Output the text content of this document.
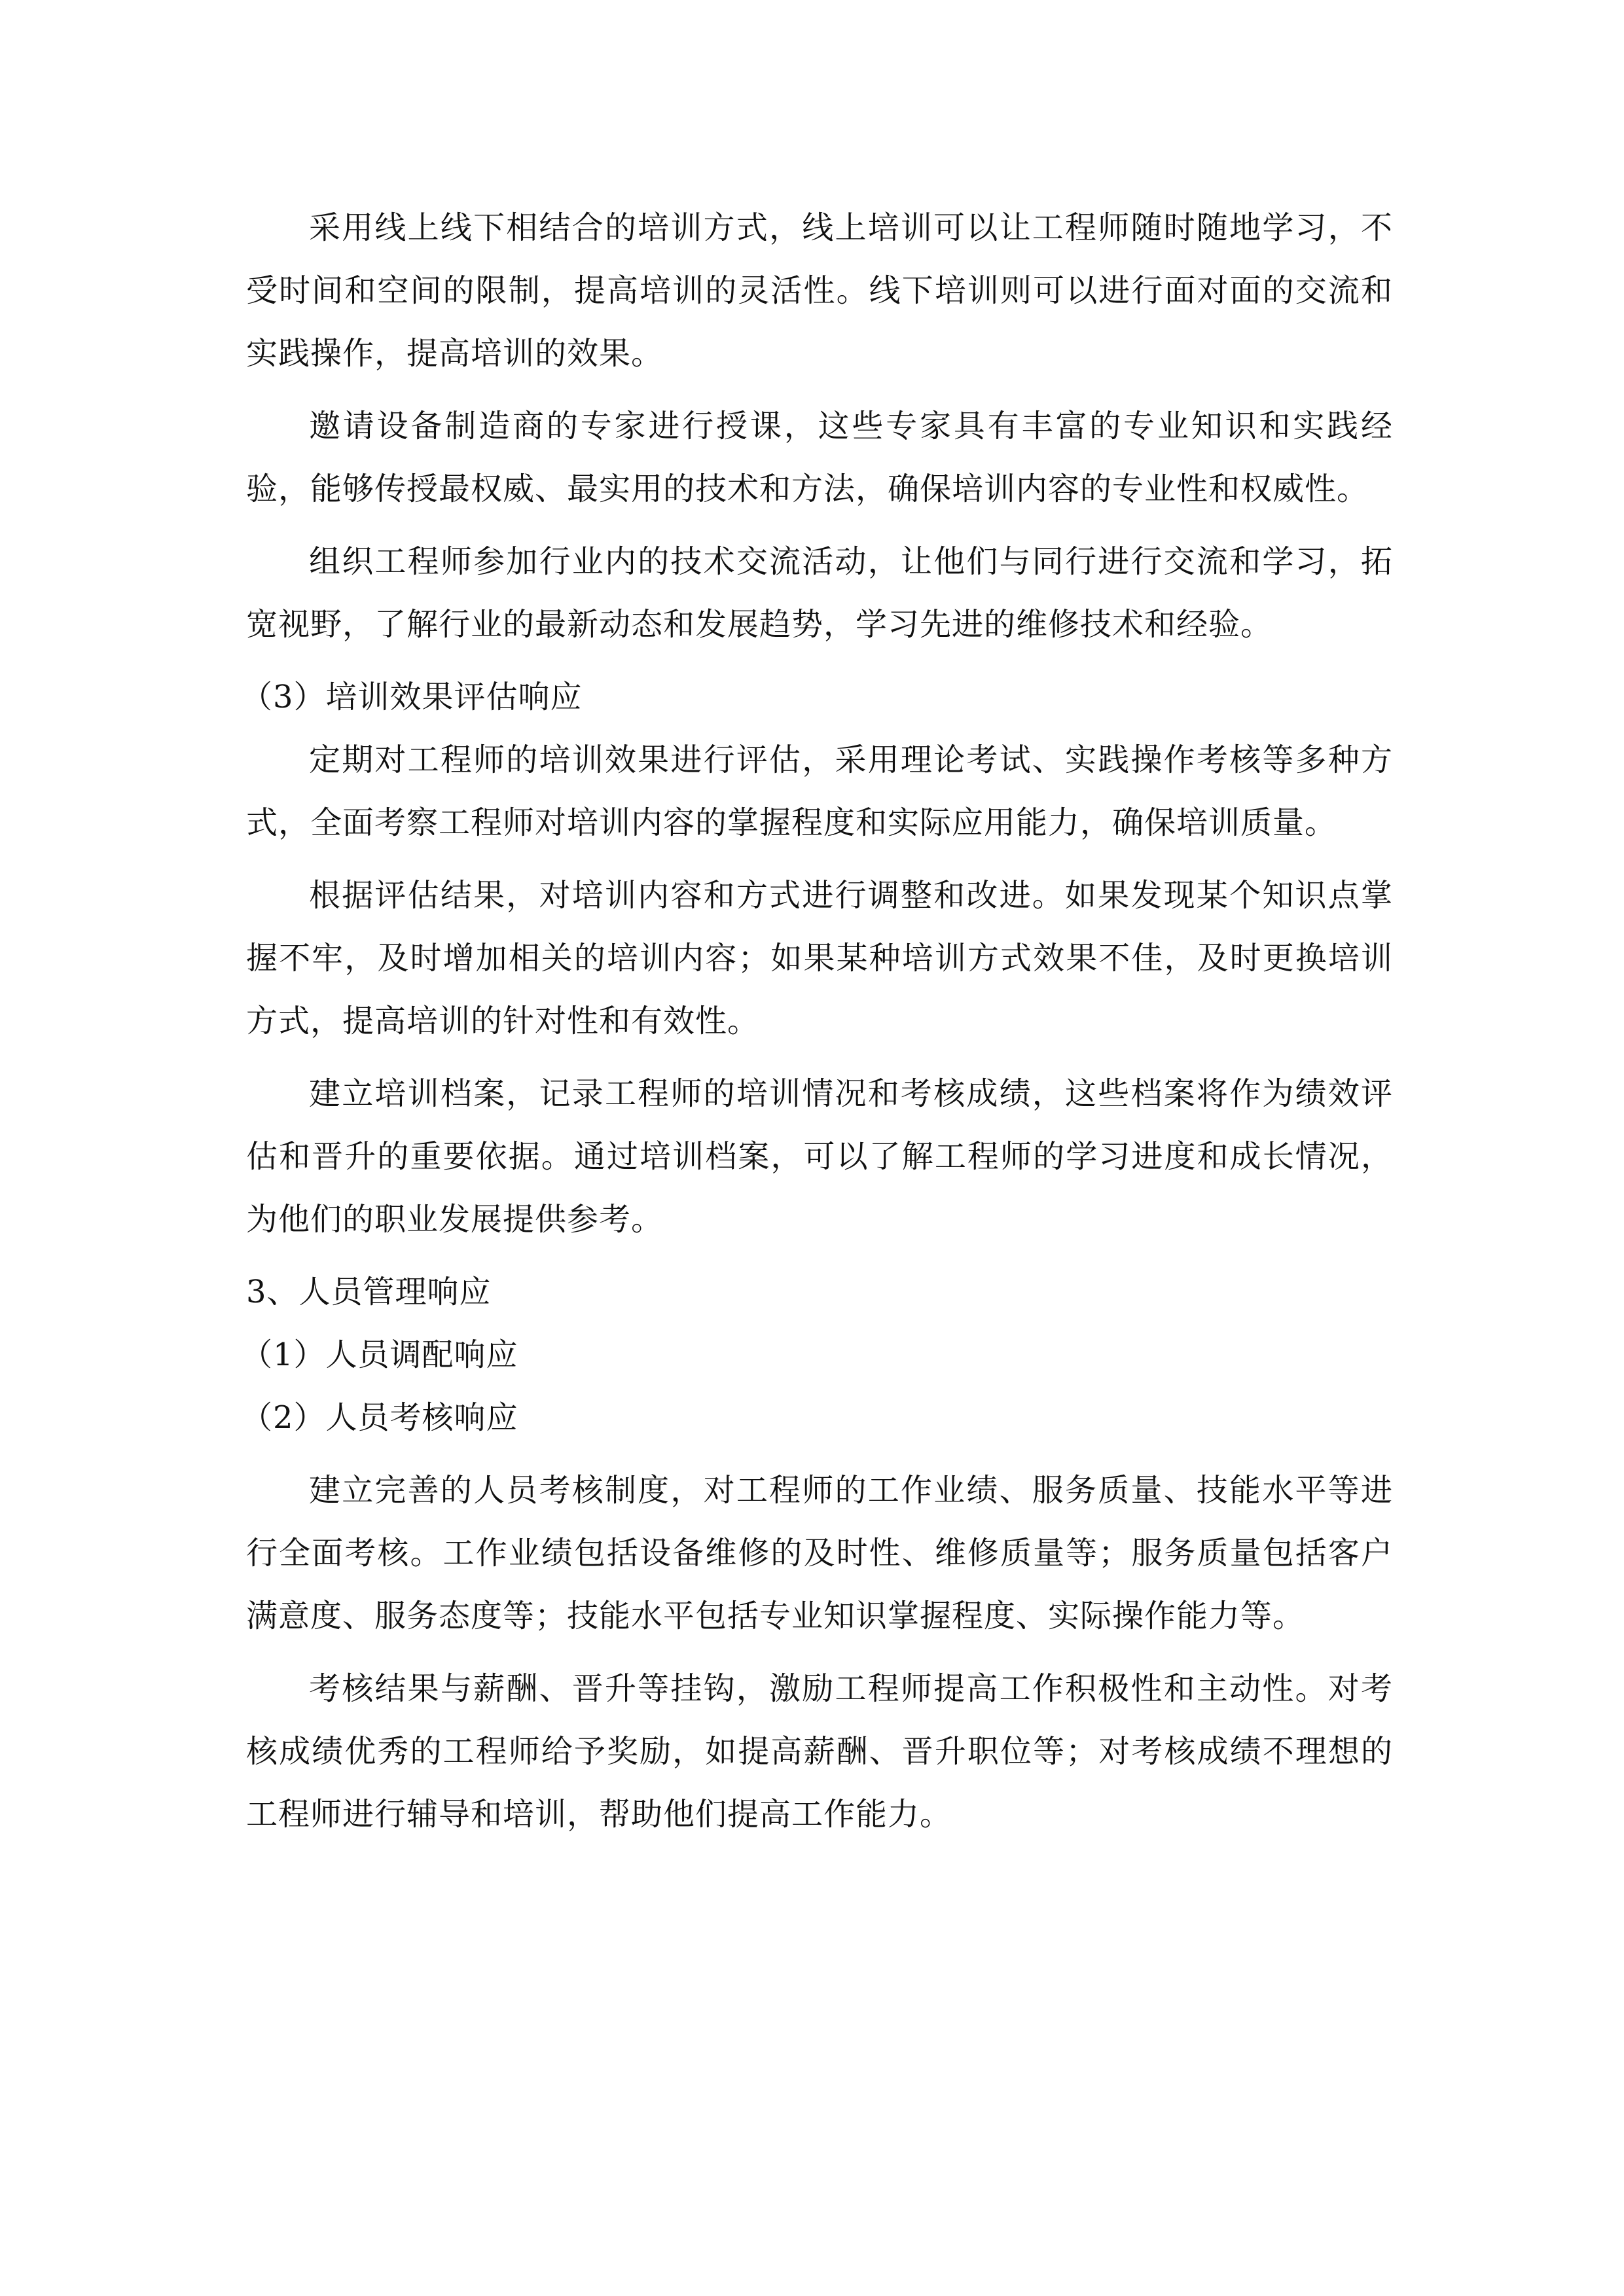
采用线上线下相结合的培训方式，线上培训可以让工程师随时随地学习，不受时间和空间的限制，提高培训的灵活性。线下培训则可以进行面对面的交流和实践操作，提高培训的效果。

邀请设备制造商的专家进行授课，这些专家具有丰富的专业知识和实践经验，能够传授最权威、最实用的技术和方法，确保培训内容的专业性和权威性。

组织工程师参加行业内的技术交流活动，让他们与同行进行交流和学习，拓宽视野，了解行业的最新动态和发展趋势，学习先进的维修技术和经验。

（3）培训效果评估响应

定期对工程师的培训效果进行评估，采用理论考试、实践操作考核等多种方式，全面考察工程师对培训内容的掌握程度和实际应用能力，确保培训质量。

根据评估结果，对培训内容和方式进行调整和改进。如果发现某个知识点掌握不牢，及时增加相关的培训内容；如果某种培训方式效果不佳，及时更换培训方式，提高培训的针对性和有效性。

建立培训档案，记录工程师的培训情况和考核成绩，这些档案将作为绩效评估和晋升的重要依据。通过培训档案，可以了解工程师的学习进度和成长情况，为他们的职业发展提供参考。

3、人员管理响应

（1）人员调配响应

（2）人员考核响应

建立完善的人员考核制度，对工程师的工作业绩、服务质量、技能水平等进行全面考核。工作业绩包括设备维修的及时性、维修质量等；服务质量包括客户满意度、服务态度等；技能水平包括专业知识掌握程度、实际操作能力等。

考核结果与薪酬、晋升等挂钩，激励工程师提高工作积极性和主动性。对考核成绩优秀的工程师给予奖励，如提高薪酬、晋升职位等；对考核成绩不理想的工程师进行辅导和培训，帮助他们提高工作能力。
